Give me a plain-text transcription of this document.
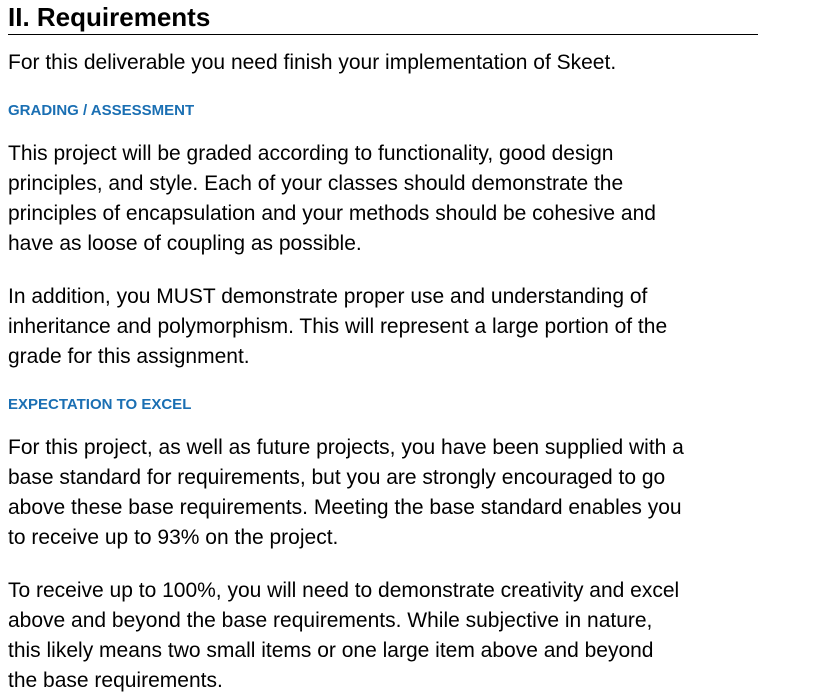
II. Requirements

For this deliverable you need finish your implementation of Skeet.

GRADING / ASSESSMENT

This project will be graded according to functionality, good design
principles, and style. Each of your classes should demonstrate the
principles of encapsulation and your methods should be cohesive and
have as loose of coupling as possible.

In addition, you MUST demonstrate proper use and understanding of
inheritance and polymorphism. This will represent a large portion of the
grade for this assignment.

EXPECTATION TO EXCEL

For this project, as well as future projects, you have been supplied with a
base standard for requirements, but you are strongly encouraged to go
above these base requirements. Meeting the base standard enables you
to receive up to 93% on the project.

To receive up to 100%, you will need to demonstrate creativity and excel
above and beyond the base requirements. While subjective in nature,
this likely means two small items or one large item above and beyond
the base requirements.
